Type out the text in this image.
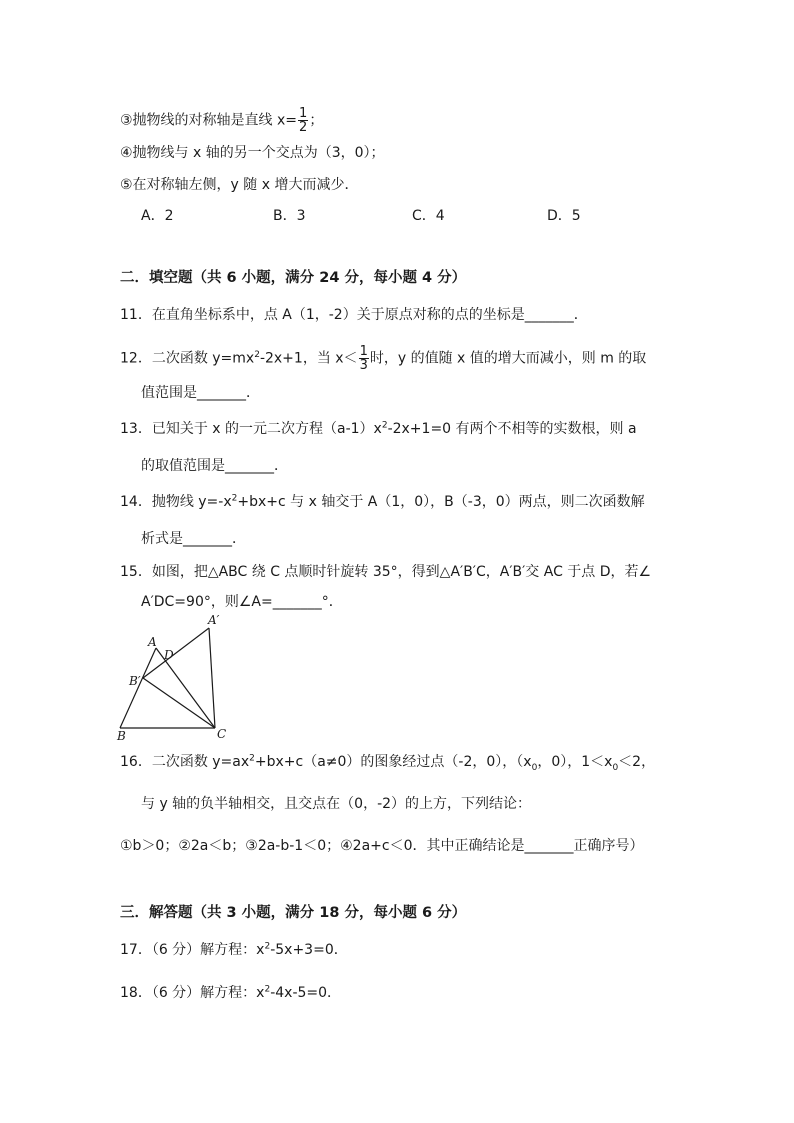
③抛物线的对称轴是直线 $x= \frac{1}{2}$ ；
④抛物线与 x 轴的另一个交点为（3，0）；
⑤在对称轴左侧，y 随 x 增大而减少．
A．2	B．3	C．4	D．5
二．填空题（共 6 小题，满分 24 分，每小题 4 分）
11．在直角坐标系中，点 A（1，-2）关于原点对称的点的坐标是_______．
12．二次函数 $y=mx^2-2x+1$，当 $x< \frac{1}{3}$ 时，y 的值随 x 值的增大而减小，则 m 的取
值范围是_______．
13．已知关于 x 的一元二次方程$(a-1)x^2-2x+1=0$ 有两个不相等的实数根，则 a
的取值范围是_______．
14．抛物线 $y=-x^2+bx+c$ 与 x 轴交于 A（1，0），B（-3，0）两点，则二次函数解
析式是_______．
15．如图，把△ABC 绕 C 点顺时针旋转 35°，得到△A′B′C，A′B′交 AC 于点 D，若∠
A′DC=90°，则∠A=_______°．
A
A′
D
B′
B	C
16．二次函数 $y=ax^2+bx+c(a\ne 0)$的图象经过点（-2，0），（$x_0$，0），$1<x_0<2$，
与 y 轴的负半轴相交，且交点在（0，-2）的上方，下列结论：
①b＞0；②2a＜b；③2a-b-1＜0；④2a+c＜0．其中正确结论是_______正确序号）
三．解答题（共 3 小题，满分 18 分，每小题 6 分）
17．（6 分）解方程：$x^2-5x+3=0$．
18．（6 分）解方程：$x^2-4x-5=0$．
